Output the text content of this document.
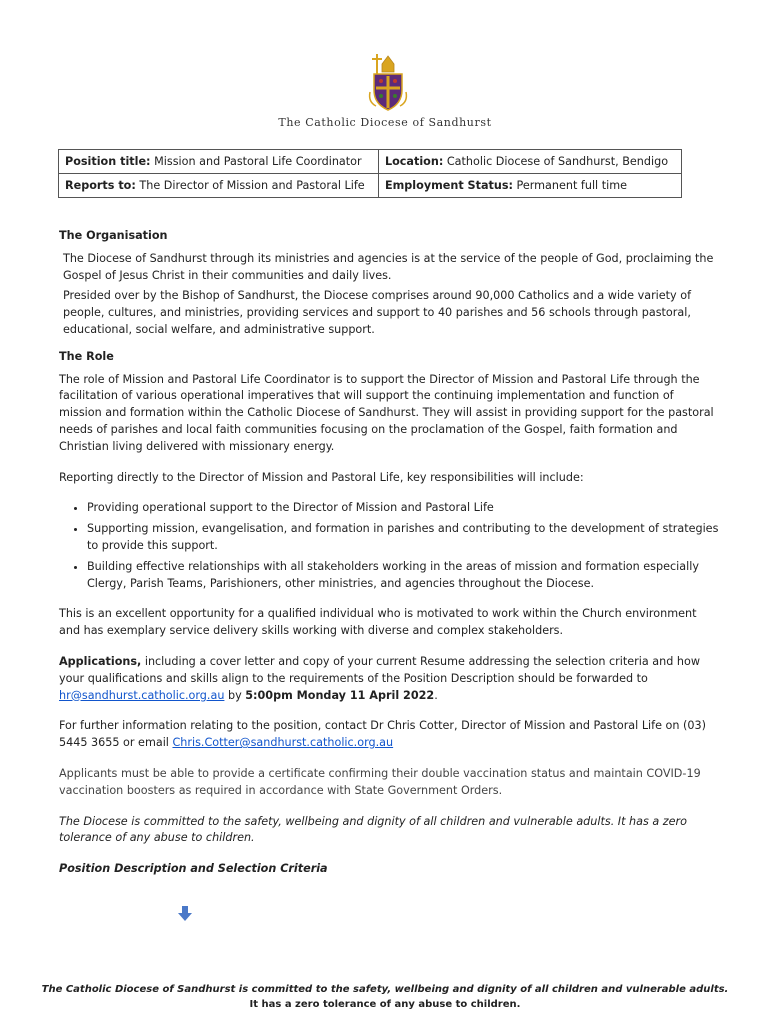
The Catholic Diocese of Sandhurst
Position title: Mission and Pastoral Life Coordinator	Location: Catholic Diocese of Sandhurst, Bendigo
Reports to: The Director of Mission and Pastoral Life	Employment Status: Permanent full time

The Organisation

The Diocese of Sandhurst through its ministries and agencies is at the service of the people of God, proclaiming the Gospel of Jesus Christ in their communities and daily lives.

Presided over by the Bishop of Sandhurst, the Diocese comprises around 90,000 Catholics and a wide variety of people, cultures, and ministries, providing services and support to 40 parishes and 56 schools through pastoral, educational, social welfare, and administrative support.

The Role

The role of Mission and Pastoral Life Coordinator is to support the Director of Mission and Pastoral Life through the facilitation of various operational imperatives that will support the continuing implementation and function of mission and formation within the Catholic Diocese of Sandhurst. They will assist in providing support for the pastoral needs of parishes and local faith communities focusing on the proclamation of the Gospel, faith formation and Christian living delivered with missionary energy.

Reporting directly to the Director of Mission and Pastoral Life, key responsibilities will include:

• Providing operational support to the Director of Mission and Pastoral Life
• Supporting mission, evangelisation, and formation in parishes and contributing to the development of strategies to provide this support.
• Building effective relationships with all stakeholders working in the areas of mission and formation especially Clergy, Parish Teams, Parishioners, other ministries, and agencies throughout the Diocese.

This is an excellent opportunity for a qualified individual who is motivated to work within the Church environment and has exemplary service delivery skills working with diverse and complex stakeholders.

Applications, including a cover letter and copy of your current Resume addressing the selection criteria and how your qualifications and skills align to the requirements of the Position Description should be forwarded to hr@sandhurst.catholic.org.au by 5:00pm Monday 11 April 2022.

For further information relating to the position, contact Dr Chris Cotter, Director of Mission and Pastoral Life on (03) 5445 3655 or email Chris.Cotter@sandhurst.catholic.org.au

Applicants must be able to provide a certificate confirming their double vaccination status and maintain COVID-19 vaccination boosters as required in accordance with State Government Orders.

The Diocese is committed to the safety, wellbeing and dignity of all children and vulnerable adults. It has a zero tolerance of any abuse to children.

Position Description and Selection Criteria

The Catholic Diocese of Sandhurst is committed to the safety, wellbeing and dignity of all children and vulnerable adults.
It has a zero tolerance of any abuse to children.
